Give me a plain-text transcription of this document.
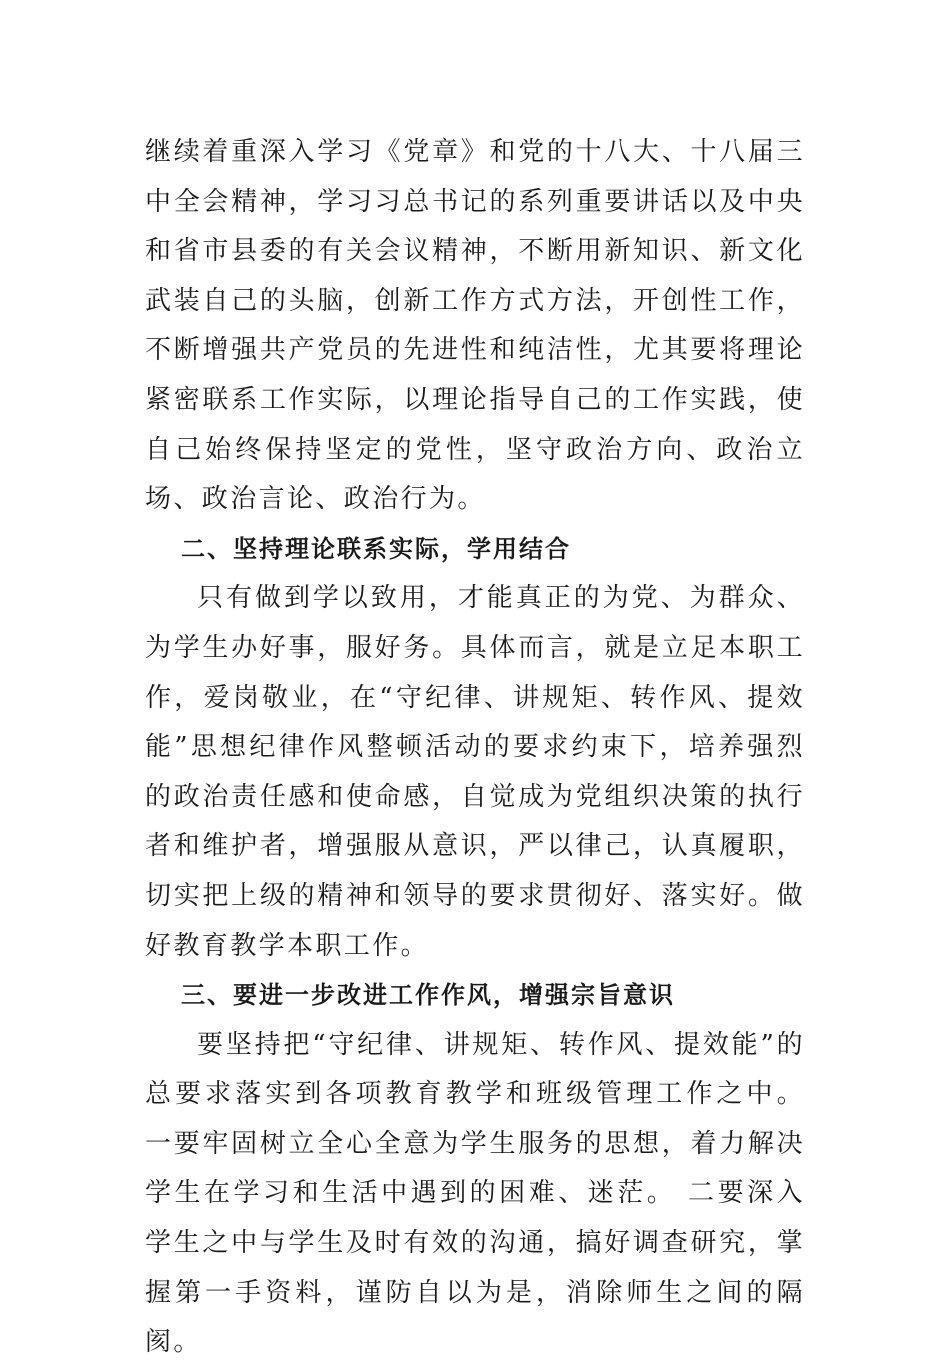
继续着重深入学习《党章》和党的十八大、十八届三中全会精神，学习习总书记的系列重要讲话以及中央和省市县委的有关会议精神，不断用新知识、新文化武装自己的头脑，创新工作方式方法，开创性工作，不断增强共产党员的先进性和纯洁性，尤其要将理论紧密联系工作实际，以理论指导自己的工作实践，使自己始终保持坚定的党性，坚守政治方向、政治立场、政治言论、政治行为。

二、坚持理论联系实际，学用结合

只有做到学以致用，才能真正的为党、为群众、为学生办好事，服好务。具体而言，就是立足本职工作，爱岗敬业，在“守纪律、讲规矩、转作风、提效能”思想纪律作风整顿活动的要求约束下，培养强烈的政治责任感和使命感，自觉成为党组织决策的执行者和维护者，增强服从意识，严以律己，认真履职，切实把上级的精神和领导的要求贯彻好、落实好。做好教育教学本职工作。

三、要进一步改进工作作风，增强宗旨意识

要坚持把“守纪律、讲规矩、转作风、提效能”的总要求落实到各项教育教学和班级管理工作之中。 一要牢固树立全心全意为学生服务的思想，着力解决学生在学习和生活中遇到的困难、迷茫。 二要深入学生之中与学生及时有效的沟通，搞好调查研究，掌握第一手资料，谨防自以为是，消除师生之间的隔阂。
